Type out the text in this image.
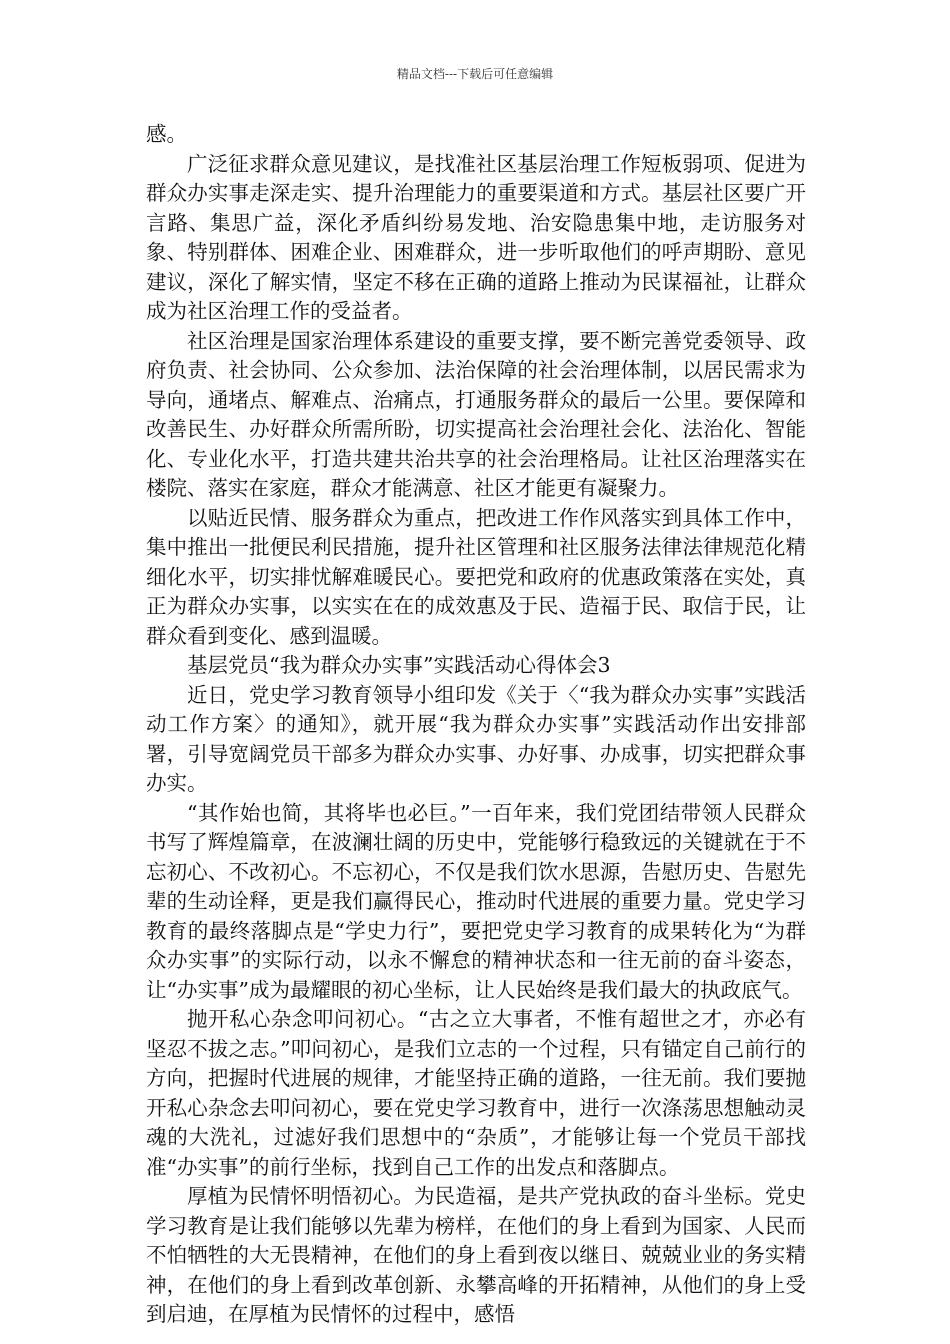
精品文档---下载后可任意编辑

感。

广泛征求群众意见建议，是找准社区基层治理工作短板弱项、促进为群众办实事走深走实、提升治理能力的重要渠道和方式。基层社区要广开言路、集思广益，深化矛盾纠纷易发地、治安隐患集中地，走访服务对象、特别群体、困难企业、困难群众，进一步听取他们的呼声期盼、意见建议，深化了解实情，坚定不移在正确的道路上推动为民谋福祉，让群众成为社区治理工作的受益者。

社区治理是国家治理体系建设的重要支撑，要不断完善党委领导、政府负责、社会协同、公众参加、法治保障的社会治理体制，以居民需求为导向，通堵点、解难点、治痛点，打通服务群众的最后一公里。要保障和改善民生、办好群众所需所盼，切实提高社会治理社会化、法治化、智能化、专业化水平，打造共建共治共享的社会治理格局。让社区治理落实在楼院、落实在家庭，群众才能满意、社区才能更有凝聚力。

以贴近民情、服务群众为重点，把改进工作作风落实到具体工作中，集中推出一批便民利民措施，提升社区管理和社区服务法律法律规范化精细化水平，切实排忧解难暖民心。要把党和政府的优惠政策落在实处，真正为群众办实事，以实实在在的成效惠及于民、造福于民、取信于民，让群众看到变化、感到温暖。

基层党员“我为群众办实事”实践活动心得体会3

近日，党史学习教育领导小组印发《关于〈“我为群众办实事”实践活动工作方案〉的通知》，就开展“我为群众办实事”实践活动作出安排部署，引导宽阔党员干部多为群众办实事、办好事、办成事，切实把群众事办实。

“其作始也简，其将毕也必巨。”一百年来，我们党团结带领人民群众书写了辉煌篇章，在波澜壮阔的历史中，党能够行稳致远的关键就在于不忘初心、不改初心。不忘初心，不仅是我们饮水思源，告慰历史、告慰先辈的生动诠释，更是我们赢得民心，推动时代进展的重要力量。党史学习教育的最终落脚点是“学史力行”，要把党史学习教育的成果转化为“为群众办实事”的实际行动，以永不懈怠的精神状态和一往无前的奋斗姿态，让“办实事”成为最耀眼的初心坐标，让人民始终是我们最大的执政底气。

抛开私心杂念叩问初心。“古之立大事者，不惟有超世之才，亦必有坚忍不拔之志。”叩问初心，是我们立志的一个过程，只有锚定自己前行的方向，把握时代进展的规律，才能坚持正确的道路，一往无前。我们要抛开私心杂念去叩问初心，要在党史学习教育中，进行一次涤荡思想触动灵魂的大洗礼，过滤好我们思想中的“杂质”，才能够让每一个党员干部找准“办实事”的前行坐标，找到自己工作的出发点和落脚点。

厚植为民情怀明悟初心。为民造福，是共产党执政的奋斗坐标。党史学习教育是让我们能够以先辈为榜样，在他们的身上看到为国家、人民而不怕牺牲的大无畏精神，在他们的身上看到夜以继日、兢兢业业的务实精神，在他们的身上看到改革创新、永攀高峰的开拓精神，从他们的身上受到启迪，在厚植为民情怀的过程中，感悟
